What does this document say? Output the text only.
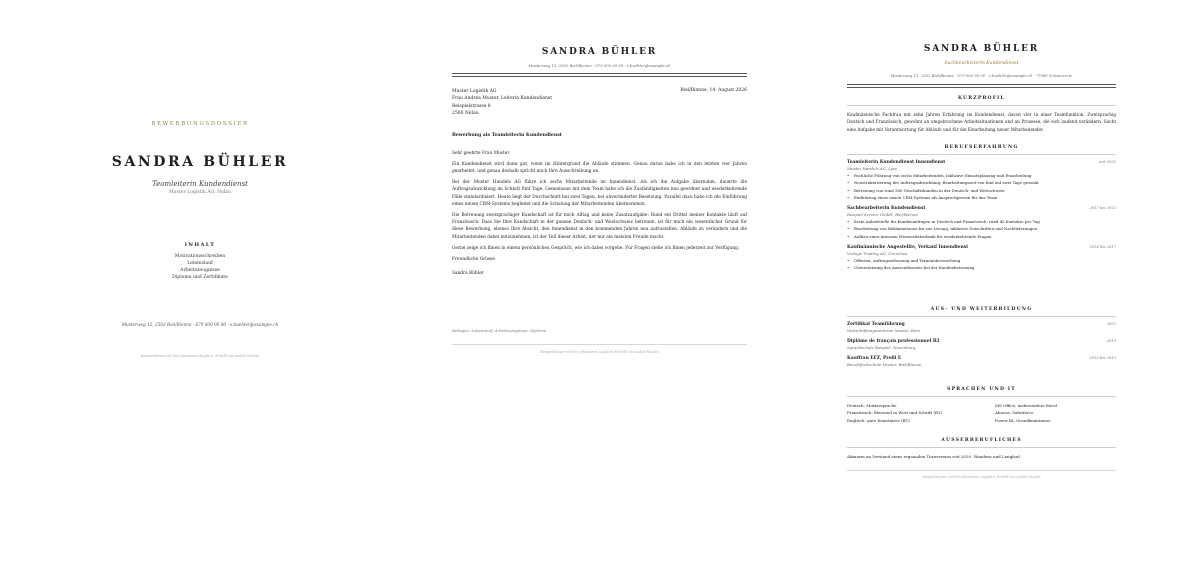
BEWERBUNGSDOSSIER
SANDRA BÜHLER
Teamleiterin Kundendienst
Muster Logistik AG, Nidau
INHALT
Motivationsschreiben
Lebenslauf
Arbeitszeugnisse
Diplome und Zertifikate
Musterweg 12, 2502 Biel/Bienne · 079 000 00 00 · s.buehler@example.ch
Beispieldossier mit frei erfundenen Angaben. Erstellt von Andrei Nusslin
SANDRA BÜHLER
Musterweg 12, 2502 Biel/Bienne · 079 000 00 00 · s.buehler@example.ch
Muster Logistik AG
Frau Andrea Muster, Leiterin Kundendienst
Beispielstrasse 8
2560 Nidau
Biel/Bienne, 14. August 2026
Bewerbung als Teamleiterin Kundendienst

Sehr geehrte Frau Muster

Ein Kundendienst wird dann gut, wenn im Hintergrund die Abläufe stimmen. Genau daran habe ich in den letzten vier Jahren gearbeitet, und genau deshalb spricht mich Ihre Ausschreibung an.

Bei der Muster Handels AG führe ich sechs Mitarbeitende im Innendienst. Als ich die Aufgabe übernahm, dauerte die Auftragsabwicklung im Schnitt fünf Tage. Gemeinsam mit dem Team habe ich die Zuständigkeiten neu geordnet und wiederkehrende Fälle standardisiert. Heute liegt der Durchschnitt bei zwei Tagen, bei unveränderter Besetzung. Parallel dazu habe ich die Einführung eines neuen CRM-Systems begleitet und die Schulung der Mitarbeitenden übernommen.

Die Betreuung zweisprachiger Kundschaft ist für mich Alltag und keine Zusatzaufgabe: Rund ein Drittel meiner Kontakte läuft auf Französisch. Dass Sie Ihre Kundschaft in der ganzen Deutsch- und Westschweiz betreuen, ist für mich ein wesentlicher Grund für diese Bewerbung, ebenso Ihre Absicht, den Innendienst in den kommenden Jahren neu aufzustellen. Abläufe zu verändern und die Mitarbeitenden dabei mitzunehmen, ist der Teil dieser Arbeit, der mir am meisten Freude macht.

Gerne zeige ich Ihnen in einem persönlichen Gespräch, wie ich dabei vorgehe. Für Fragen stehe ich Ihnen jederzeit zur Verfügung.

Freundliche Grüsse

Sandra Bühler

Beilagen: Lebenslauf, Arbeitszeugnisse, Diplome
Beispieldossier mit frei erfundenen Angaben. Erstellt von Andrei Nusslin
SANDRA BÜHLER
Sachbearbeiterin Kundendienst
Musterweg 12, 2502 Biel/Bienne · 079 000 00 00 · s.buehler@example.ch · *1985 Schweizerin
KURZPROFIL
Kaufmännische Fachfrau mit zehn Jahren Erfahrung im Kundendienst, davon vier in einer Teamfunktion. Zweisprachig Deutsch und Französisch, gewohnt an umgebrochene Arbeitssituationen und an Prozesse, die sich laufend verändern. Sucht eine Aufgabe mit Verantwortung für Abläufe und für die Einarbeitung neuer Mitarbeitender.
BERUFSERFAHRUNG
Teamleiterin Kundendienst Innendienst	seit 2022
Muster Handels AG, Lyss
• Fachliche Führung von sechs Mitarbeitenden, inklusive Einsatzplanung und Einarbeitung
• Neustrukturierung der Auftragsabwicklung: Bearbeitungszeit von fünf auf zwei Tage gesenkt
• Betreuung von rund 380 Geschäftskunden in der Deutsch- und Westschweiz
• Einführung eines neuen CRM-Systems als Ansprechperson für das Team
Sachbearbeiterin Kundendienst	2017 bis 2022
Beispiel Service GmbH, Biel/Bienne
• Erste Anlaufstelle für Kundenanfragen in Deutsch und Französisch, rund 40 Kontakte pro Tag
• Bearbeitung von Reklamationen bis zur Lösung, inklusive Gutschriften und Nachlieferungen
• Aufbau einer internen Wissensdatenbank für wiederkehrende Fragen
Kaufmännische Angestellte, Verkauf Innendienst	2014 bis 2017
Vorlage Trading AG, Grenchen
• Offerten, Auftragserfassung und Terminüberwachung
• Unterstützung des Aussendienstes bei der Kundenbetreuung
AUS- UND WEITERBILDUNG
Zertifikat Teamführung	2023
Weiterbildungszentrum Muster, Bern
Diplôme de français professionnel B2	2019
Sprachschule Beispiel, Neuenburg
Kauffrau EFZ, Profil E	2010 bis 2013
Berufsfachschule Muster, Biel/Bienne
SPRACHEN UND IT
Deutsch: Muttersprache	MS Office, insbesondere Excel
Französisch: fliessend in Wort und Schrift (B2)	Abacus, Salesforce
Englisch: gute Kenntnisse (B1)	Power BI, Grundkenntnisse
AUSSERBERUFLICHES
Aktuarin im Vorstand eines regionalen Turnvereins seit 2020. Wandern und Langlauf
Beispieldossier mit frei erfundenen Angaben. Erstellt von Andrei Nusslin
